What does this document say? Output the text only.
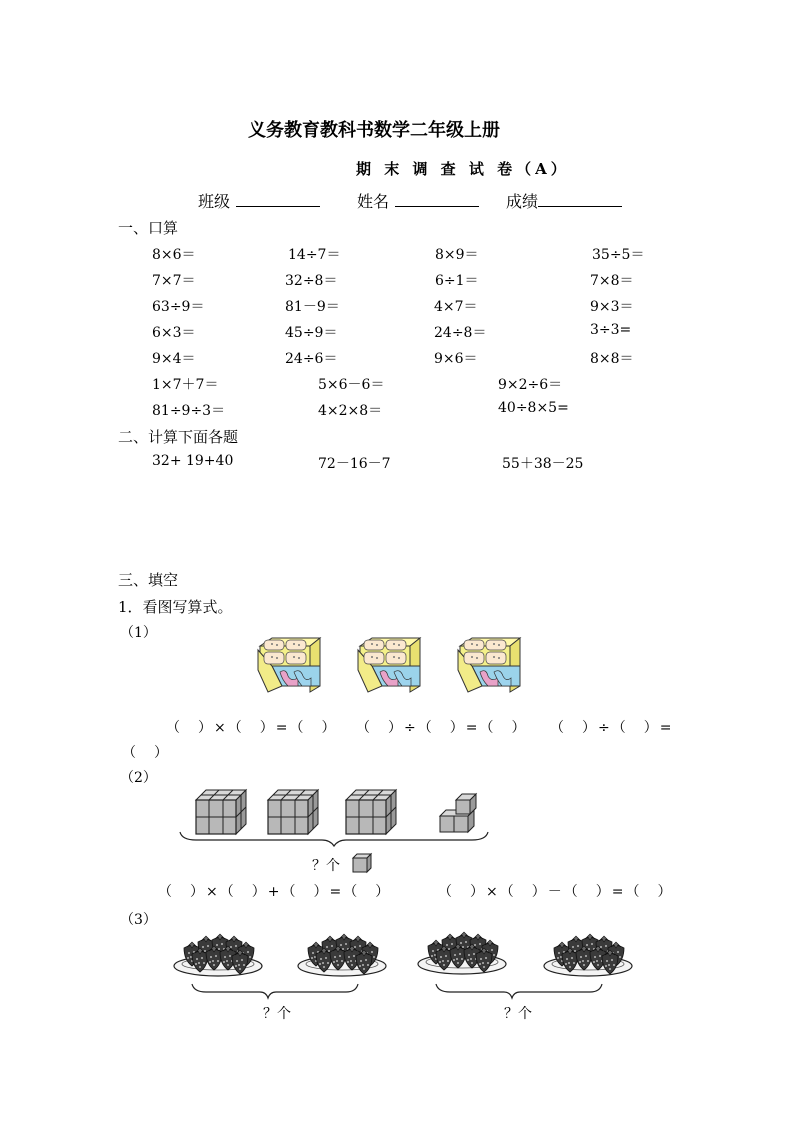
义务教育教科书数学二年级上册
期 末 调 查 试 卷（A）
班级	姓名	成绩
一、口算
8×6＝	14÷7＝	8×9＝	35÷5＝
7×7＝	32÷8＝	6÷1＝	7×8＝
63÷9＝	81－9＝	4×7＝	9×3＝
6×3＝	45÷9＝	24÷8＝	3÷3=
9×4＝	24÷6＝	9×6＝	8×8＝
1×7＋7＝	5×6－6＝	9×2÷6＝
81÷9÷3＝	4×2×8＝	40÷8×5=
二、计算下面各题
32+ 19+40	72－16－7	55＋38－25
三、填空
1．看图写算式。
（1）
（　）×（　）=（　） （　）÷（　）=（　） （　）÷（　）=
（　）
（2）
？个
（　）×（　）+（　）=（　）	（　）×（　）－（　）=（　）
（3）
？个	？个
